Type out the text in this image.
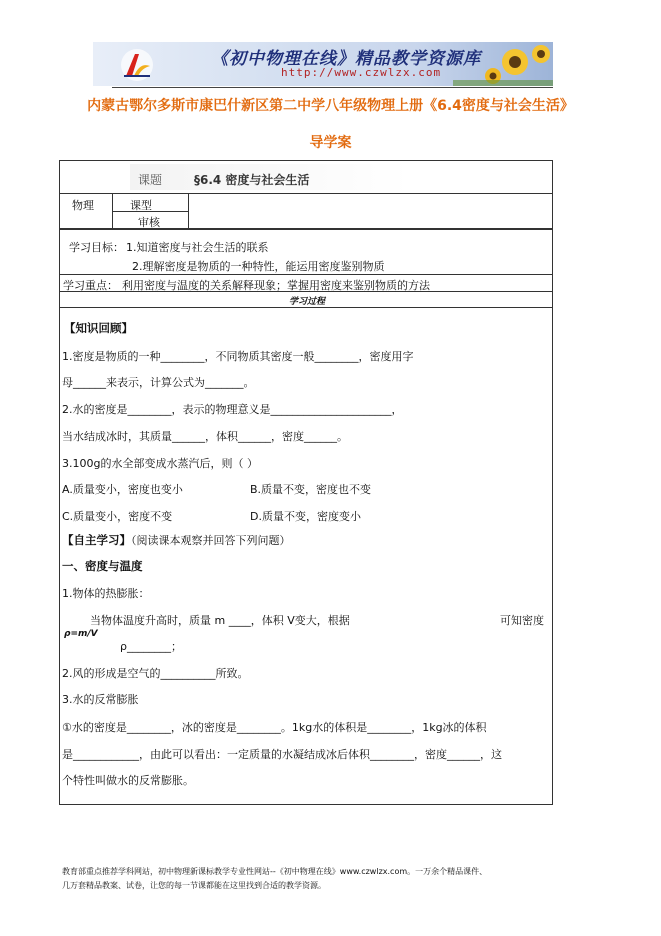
《初中物理在线》精品教学资源库
http://www.czwlzx.com
内蒙古鄂尔多斯市康巴什新区第二中学八年级物理上册《6.4密度与社会生活》
导学案
课题	§6.4 密度与社会生活
物理	课型
审核
学习目标： 1.知道密度与社会生活的联系
2.理解密度是物质的一种特性，能运用密度鉴别物质
学习重点： 利用密度与温度的关系解释现象；掌握用密度来鉴别物质的方法
学习过程
【知识回顾】
1.密度是物质的一种________，不同物质其密度一般________，密度用字
母______来表示，计算公式为_______。
2.水的密度是________，表示的物理意义是______________________，
当水结成冰时，其质量______，体积______，密度______。
3.100g的水全部变成水蒸汽后，则（ ）
A.质量变小，密度也变小	B.质量不变，密度也不变
C.质量变小，密度不变	D.质量不变，密度变小
【自主学习】（阅读课本观察并回答下列问题）
一、密度与温度
1.物体的热膨胀：
当物体温度升高时，质量 m ____，体积 V变大，根据	可知密度
ρ=m/V
ρ________；
2.风的形成是空气的__________所致。
3.水的反常膨胀
①水的密度是________，冰的密度是________。1kg水的体积是________，1kg冰的体积
是____________，由此可以看出：一定质量的水凝结成冰后体积________，密度______，这
个特性叫做水的反常膨胀。
教育部重点推荐学科网站，初中物理新课标教学专业性网站--《初中物理在线》www.czwlzx.com。一万余个精品课件、
几万套精品教案、试卷，让您的每一节课都能在这里找到合适的教学资源。
